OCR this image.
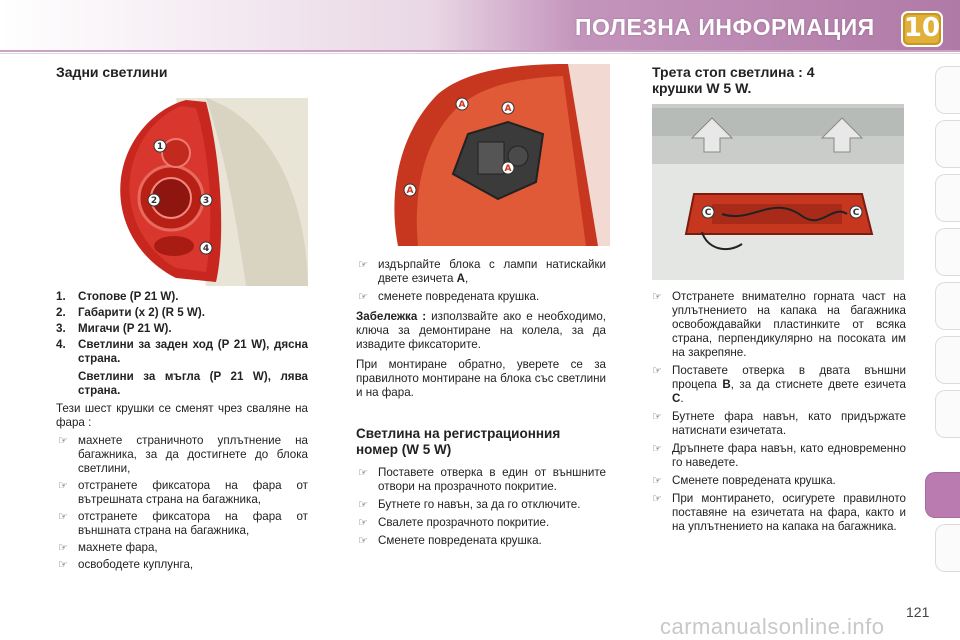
ПОЛЕЗНА ИНФОРМАЦИЯ 10
Задни светлини
1
2	3
4
1. Стопове (P 21 W).
2. Габарити (x 2) (R 5 W).
3. Мигачи (P 21 W).
4. Светлини за заден ход (P 21 W), дясна страна.
Светлини за мъгла (P 21 W), лява страна.

Тези шест крушки се сменят чрез сваляне на фара :

☞ махнете страничното уплътнение на багажника, за да достигнете до блока светлини,

☞ отстранете фиксатора на фара от вътрешната страна на багажника,

☞ отстранете фиксатора на фара от външната страна на багажника,

☞ махнете фара,

☞ освободете куплунга,

A	A
A
A

☞ издърпайте блока с лампи натискайки двете езичета A,

☞ сменете повредената крушка.

Забележка : използвайте ако е необходимо, ключа за демонтиране на колела, за да извадите фиксаторите.

При монтиране обратно, уверете се за правилното монтиране на блока със светлини и на фара.

Светлина на регистрационния номер (W 5 W)

☞ Поставете отверка в един от външните отвори на прозрачното покритие.

☞ Бутнете го навън, за да го отключите.

☞ Свалете прозрачното покритие.

☞ Сменете повредената крушка.

Трета стоп светлина : 4 крушки W 5 W.
C	C

☞ Отстранете внимателно горната част на уплътнението на капака на багажника освобождавайки пластинките от всяка страна, перпендикулярно на посоката им на закрепяне.

☞ Поставете отверка в двата външни процепа B, за да стиснете двете езичета C.

☞ Бутнете фара навън, като придържате натиснати езичетата.

☞ Дръпнете фара навън, като едновременно го наведете.

☞ Сменете повредената крушка.

☞ При монтирането, осигурете правилното поставяне на езичетата на фара, както и на уплътнението на капака на багажника.

carmanualsonline.info
121
